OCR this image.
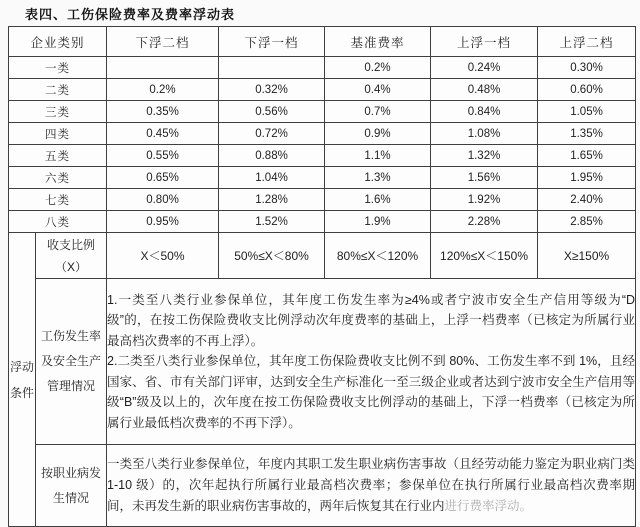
表四、工伤保险费率及费率浮动表
企业类别		下浮二档	下浮一档	基准费率	上浮一档	上浮二档
一类				0.2%	0.24%	0.30%
二类		0.2%	0.32%	0.4%	0.48%	0.60%
三类		0.35%	0.56%	0.7%	0.84%	1.05%
四类		0.45%	0.72%	0.9%	1.08%	1.35%
五类		0.55%	0.88%	1.1%	1.32%	1.65%
六类		0.65%	1.04%	1.3%	1.56%	1.95%
七类		0.80%	1.28%	1.6%	1.92%	2.40%
八类		0.95%	1.52%	1.9%	2.28%	2.85%
浮动条件	收支比例（X）	X＜50%	50%≤X＜80%	80%≤X＜120%	120%≤X＜150%	X≥150%
	工伤发生率及安全生产管理情况	1.一类至八类行业参保单位，其年度工伤发生率为≥4%或者宁波市安全生产信用等级为“D 级”的，在按工伤保险费收支比例浮动次年度费率的基础上，上浮一档费率（已核定为所属行业最高档次费率的不再上浮）。

2.二类至八类行业参保单位，其年度工伤保险费收支比例不到 80%、工伤发生率不到 1%，且经国家、省、市有关部门评审，达到安全生产标准化一至三级企业或者达到宁波市安全生产信用等级“B”级及以上的，次年度在按工伤保险费收支比例浮动的基础上，下浮一档费率（已核定为所属行业最低档次费率的不再下浮）。				

	按职业病发生情况	一类至八类行业参保单位，年度内其职工发生职业病伤害事故（且经劳动能力鉴定为职业病门类 1-10 级）的，次年起执行所属行业最高档次费率；参保单位在执行所属行业最高档次费率期间，未再发生新的职业病伤害事故的，两年后恢复其在行业内进行费率浮动。				
